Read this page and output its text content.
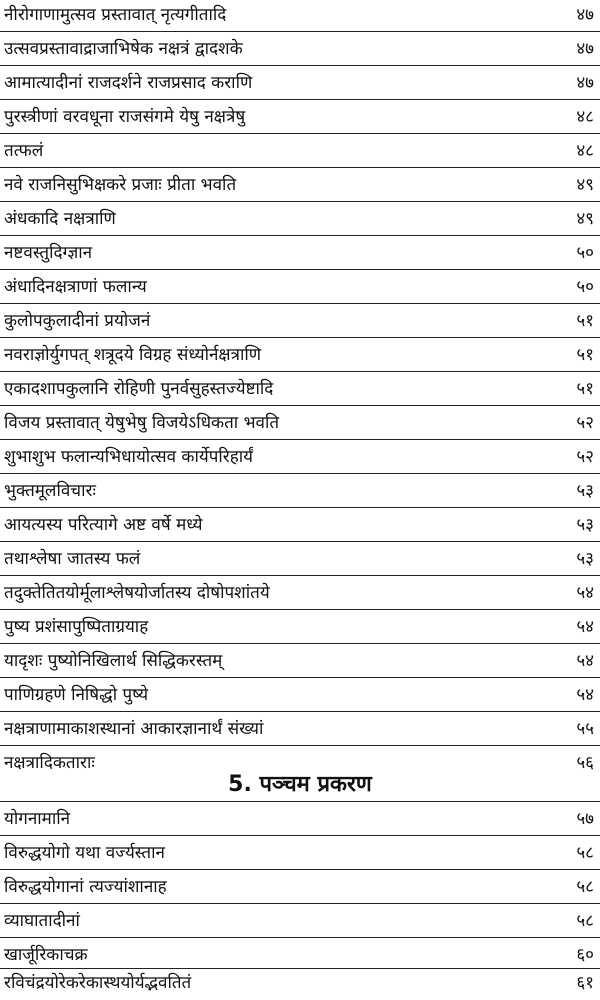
नीरोगाणामुत्सव प्रस्तावात् नृत्यगीतादि	४७
उत्सवप्रस्तावाद्राजाभिषेक नक्षत्रं द्वादशके	४७
आमात्यादीनां राजदर्शने राजप्रसाद कराणि	४७
पुरस्त्रीणां वरवधूना राजसंगमे येषु नक्षत्रेषु	४८
तत्फलं	४८
नवे राजनिसुभिक्षकरे प्रजाः प्रीता भवति	४९
अंधकादि नक्षत्राणि	४९
नष्टवस्तुदिग्ज्ञान	५०
अंधादिनक्षत्राणां फलान्य	५०
कुलोपकुलादीनां प्रयोजनं	५१
नवराज्ञोर्युगपत् शत्रूदये विग्रह संध्योर्नक्षत्राणि	५१
एकादशापकुलानि रोहिणी पुनर्वसुहस्तज्येष्टादि	५१
विजय प्रस्तावात् येषुभेषु विजयेऽधिकता भवति	५२
शुभाशुभ फलान्यभिधायोत्सव कार्येपरिहार्यं	५२
भुक्तमूलविचारः	५३
आयत्यस्य परित्यागे अष्ट वर्षे मध्ये	५३
तथाश्लेषा जातस्य फलं	५३
तदुक्तेतितयोर्मूलाश्लेषयोर्जातस्य दोषोपशांतये	५४
पुष्य प्रशंसापुष्पिताग्रयाह	५४
यादृशः पुष्योनिखिलार्थ सिद्धिकरस्तम्	५४
पाणिग्रहणे निषिद्धो पुष्ये	५४
नक्षत्राणामाकाशस्थानां आकारज्ञानार्थं संख्यां	५५
नक्षत्रादिकताराः	५६
5. पञ्चम प्रकरण
योगनामानि	५७
विरुद्धयोगो यथा वर्ज्यस्तान	५८
विरुद्धयोगानां त्यज्यांशानाह	५८
व्याघातादीनां	५८
खार्जूरिकाचक्र	६०
रविचंद्रयोरेकरेकास्थयोर्यद्भवतितं	६१
